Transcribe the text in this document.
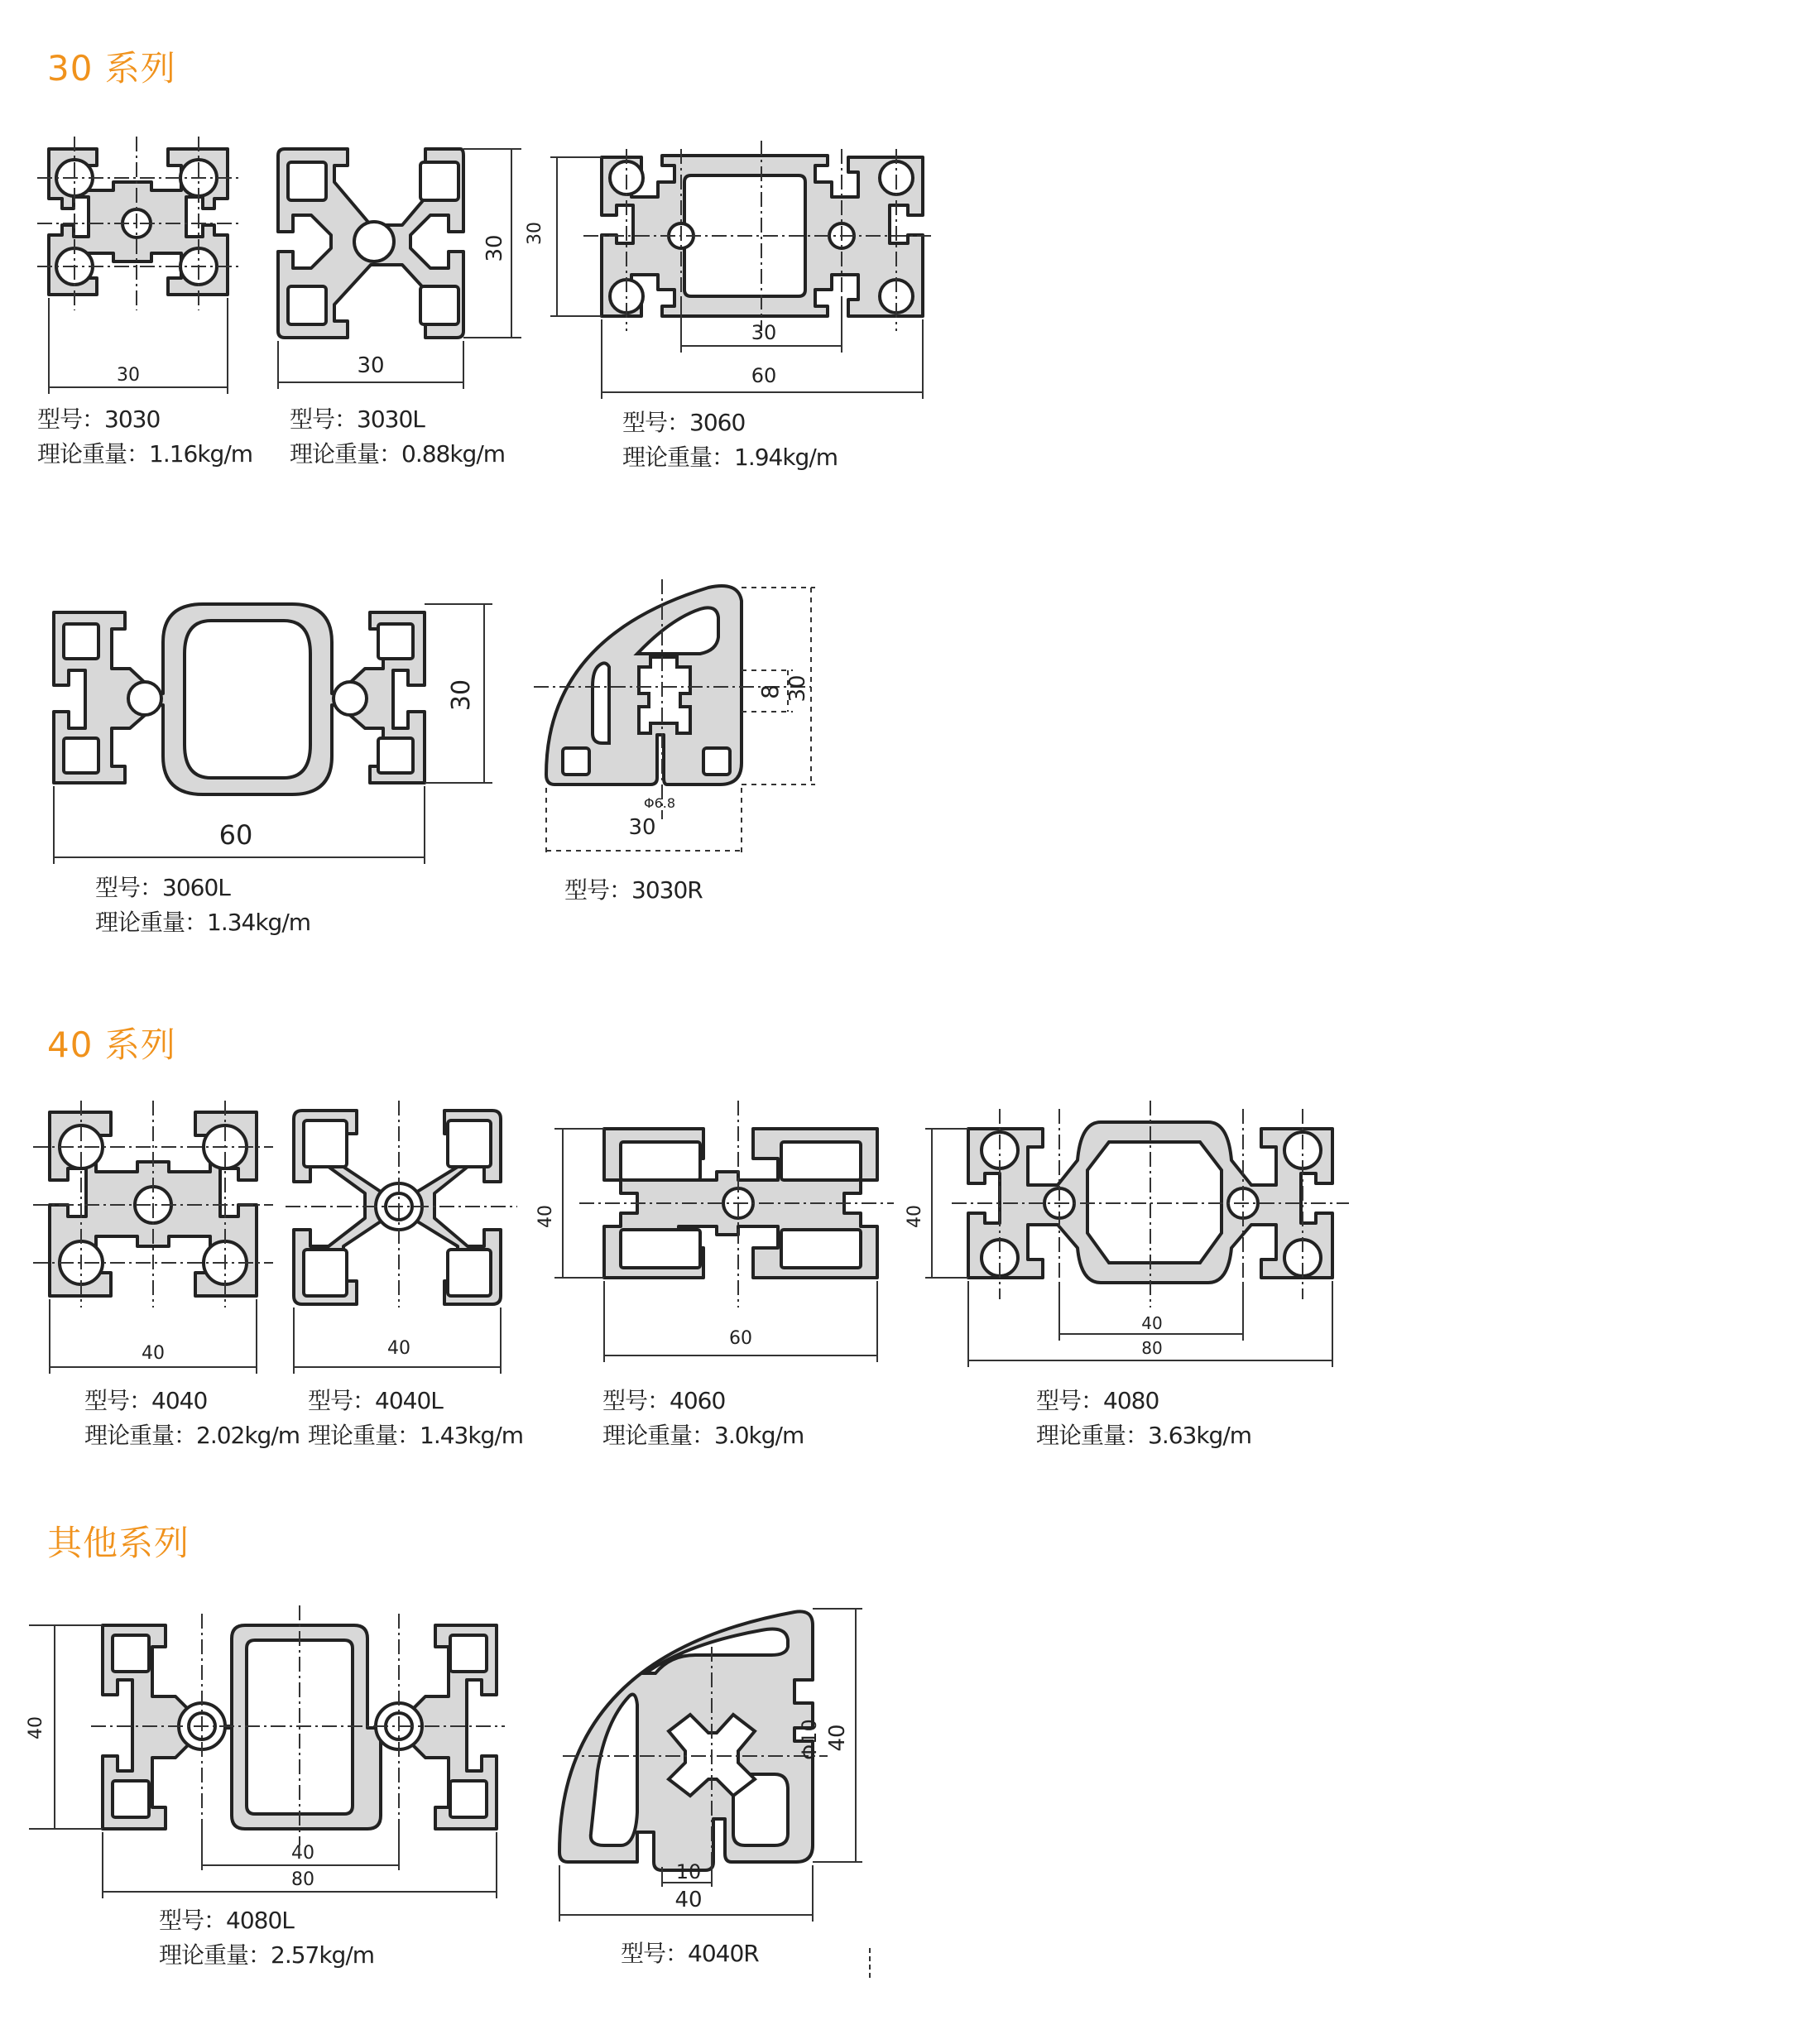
30 系列
40 系列
其他系列
30
型号：3030
理论重量：1.16kg/m
30
30
型号：3030L
理论重量：0.88kg/m
30
30
60
型号：3060
理论重量：1.94kg/m
30
60
型号：3060L
理论重量：1.34kg/m
8 30
Φ6.8
30
型号：3030R
40
型号：4040
理论重量：2.02kg/m
40
型号：4040L
理论重量：1.43kg/m
40
60
型号：4060
理论重量：3.0kg/m
40
40
80
型号：4080
理论重量：3.63kg/m
40
40
80
型号：4080L
理论重量：2.57kg/m
Φ10 40
10
40
型号：4040R
